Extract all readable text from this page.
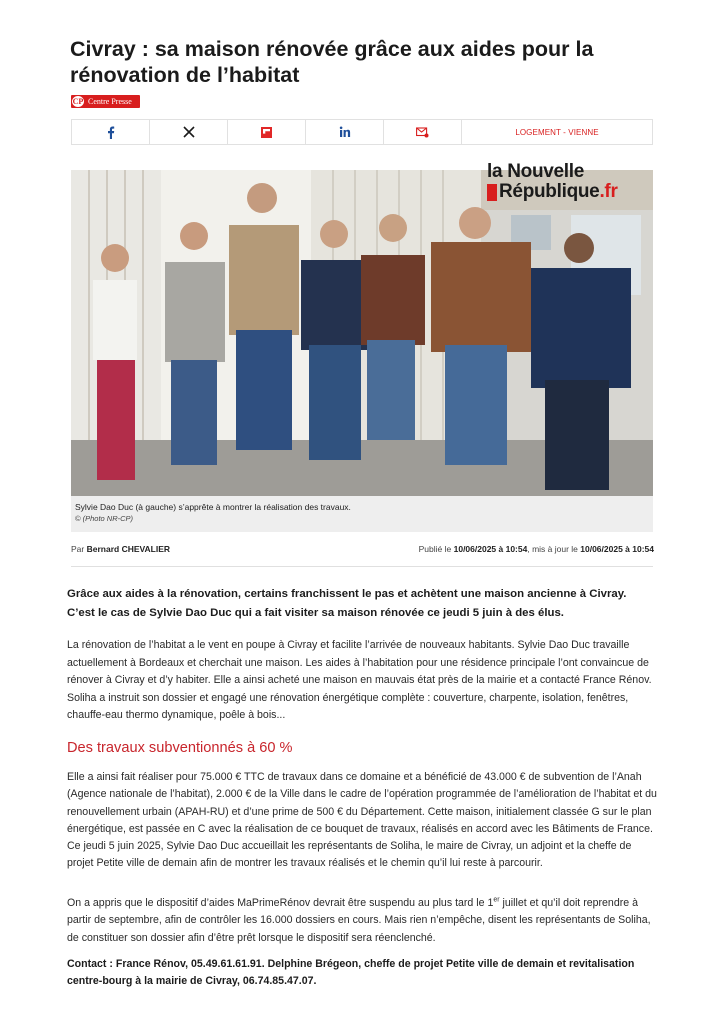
Civray : sa maison rénovée grâce aux aides pour la rénovation de l’habitat
CP Centre Presse
LOGEMENT - VIENNE
la Nouvelle
République .fr
Sylvie Dao Duc (à gauche) s’apprête à montrer la réalisation des travaux.
© (Photo NR-CP)
Par Bernard CHEVALIER	Publié le 10/06/2025 à 10:54, mis à jour le 10/06/2025 à 10:54

Grâce aux aides à la rénovation, certains franchissent le pas et achètent une maison ancienne à Civray. C’est le cas de Sylvie Dao Duc qui a fait visiter sa maison rénovée ce jeudi 5 juin à des élus.

La rénovation de l’habitat a le vent en poupe à Civray et facilite l’arrivée de nouveaux habitants. Sylvie Dao Duc travaille actuellement à Bordeaux et cherchait une maison. Les aides à l’habitation pour une résidence principale l’ont convaincue de rénover à Civray et d’y habiter. Elle a ainsi acheté une maison en mauvais état près de la mairie et a contacté France Rénov. Soliha a instruit son dossier et engagé une rénovation énergétique complète : couverture, charpente, isolation, fenêtres, chauffe-eau thermo dynamique, poêle à bois...

Des travaux subventionnés à 60 %

Elle a ainsi fait réaliser pour 75.000 € TTC de travaux dans ce domaine et a bénéficié de 43.000 € de subvention de l’Anah (Agence nationale de l’habitat), 2.000 € de la Ville dans le cadre de l’opération programmée de l’amélioration de l’habitat et du renouvellement urbain (APAH-RU) et d’une prime de 500 € du Département. Cette maison, initialement classée G sur le plan énergétique, est passée en C avec la réalisation de ce bouquet de travaux, réalisés en accord avec les Bâtiments de France. Ce jeudi 5 juin 2025, Sylvie Dao Duc accueillait les représentants de Soliha, le maire de Civray, un adjoint et la cheffe de projet Petite ville de demain afin de montrer les travaux réalisés et le chemin qu’il lui reste à parcourir.

On a appris que le dispositif d’aides MaPrimeRénov devrait être suspendu au plus tard le 1er juillet et qu’il doit reprendre à partir de septembre, afin de contrôler les 16.000 dossiers en cours. Mais rien n’empêche, disent les représentants de Soliha, de constituer son dossier afin d’être prêt lorsque le dispositif sera réenclenché.

Contact : France Rénov, 05.49.61.61.91. Delphine Brégeon, cheffe de projet Petite ville de demain et revitalisation centre-bourg à la mairie de Civray, 06.74.85.47.07.
